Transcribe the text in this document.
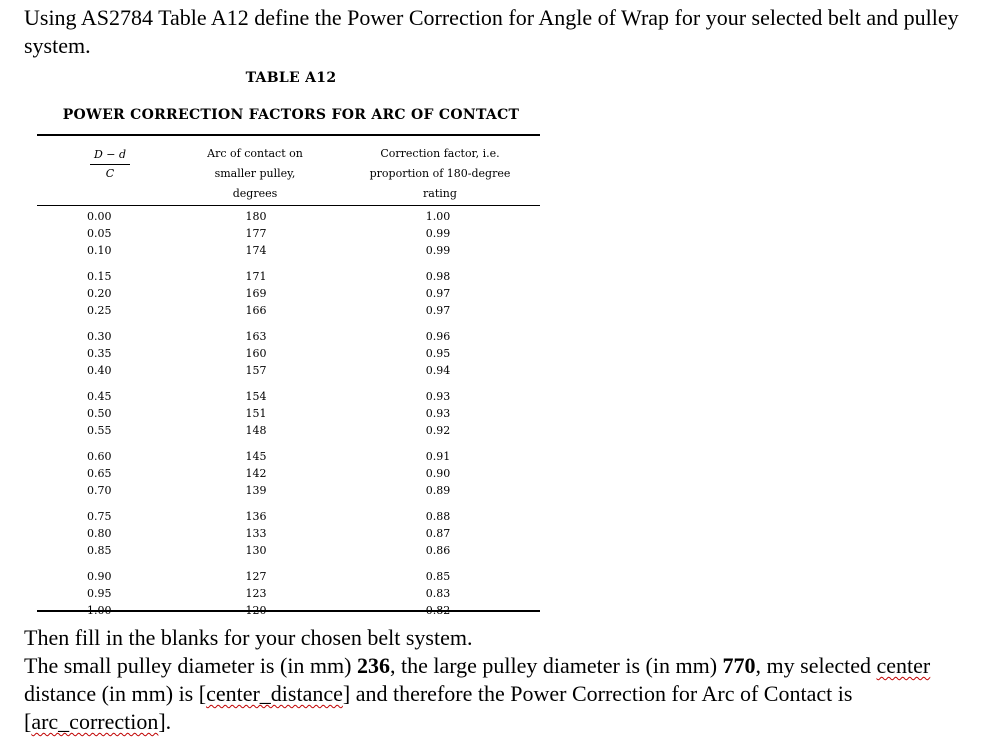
Using AS2784 Table A12 define the Power Correction for Angle of Wrap for your selected belt and pulley system.
TABLE A12
POWER CORRECTION FACTORS FOR ARC OF CONTACT
$\frac{D - d}{C}$	Arc of contact on
smaller pulley,
degrees
Correction factor, i.e.
proportion of 180-degree
rating
0.00
0.05
0.10
0.15
0.20
0.25
0.30
0.35
0.40
0.45
0.50
0.55
0.60
0.65
0.70
0.75
0.80
0.85
0.90
0.95
1.00
180
177
174
171
169
166
163
160
157
154
151
148
145
142
139
136
133
130
127
123
120
1.00
0.99
0.99
0.98
0.97
0.97
0.96
0.95
0.94
0.93
0.93
0.92
0.91
0.90
0.89
0.88
0.87
0.86
0.85
0.83
0.82
Then fill in the blanks for your chosen belt system.
The small pulley diameter is (in mm) 236, the large pulley diameter is (in mm) 770, my selected center distance (in mm) is [center_distance] and therefore the Power Correction for Arc of Contact is [arc_correction].
